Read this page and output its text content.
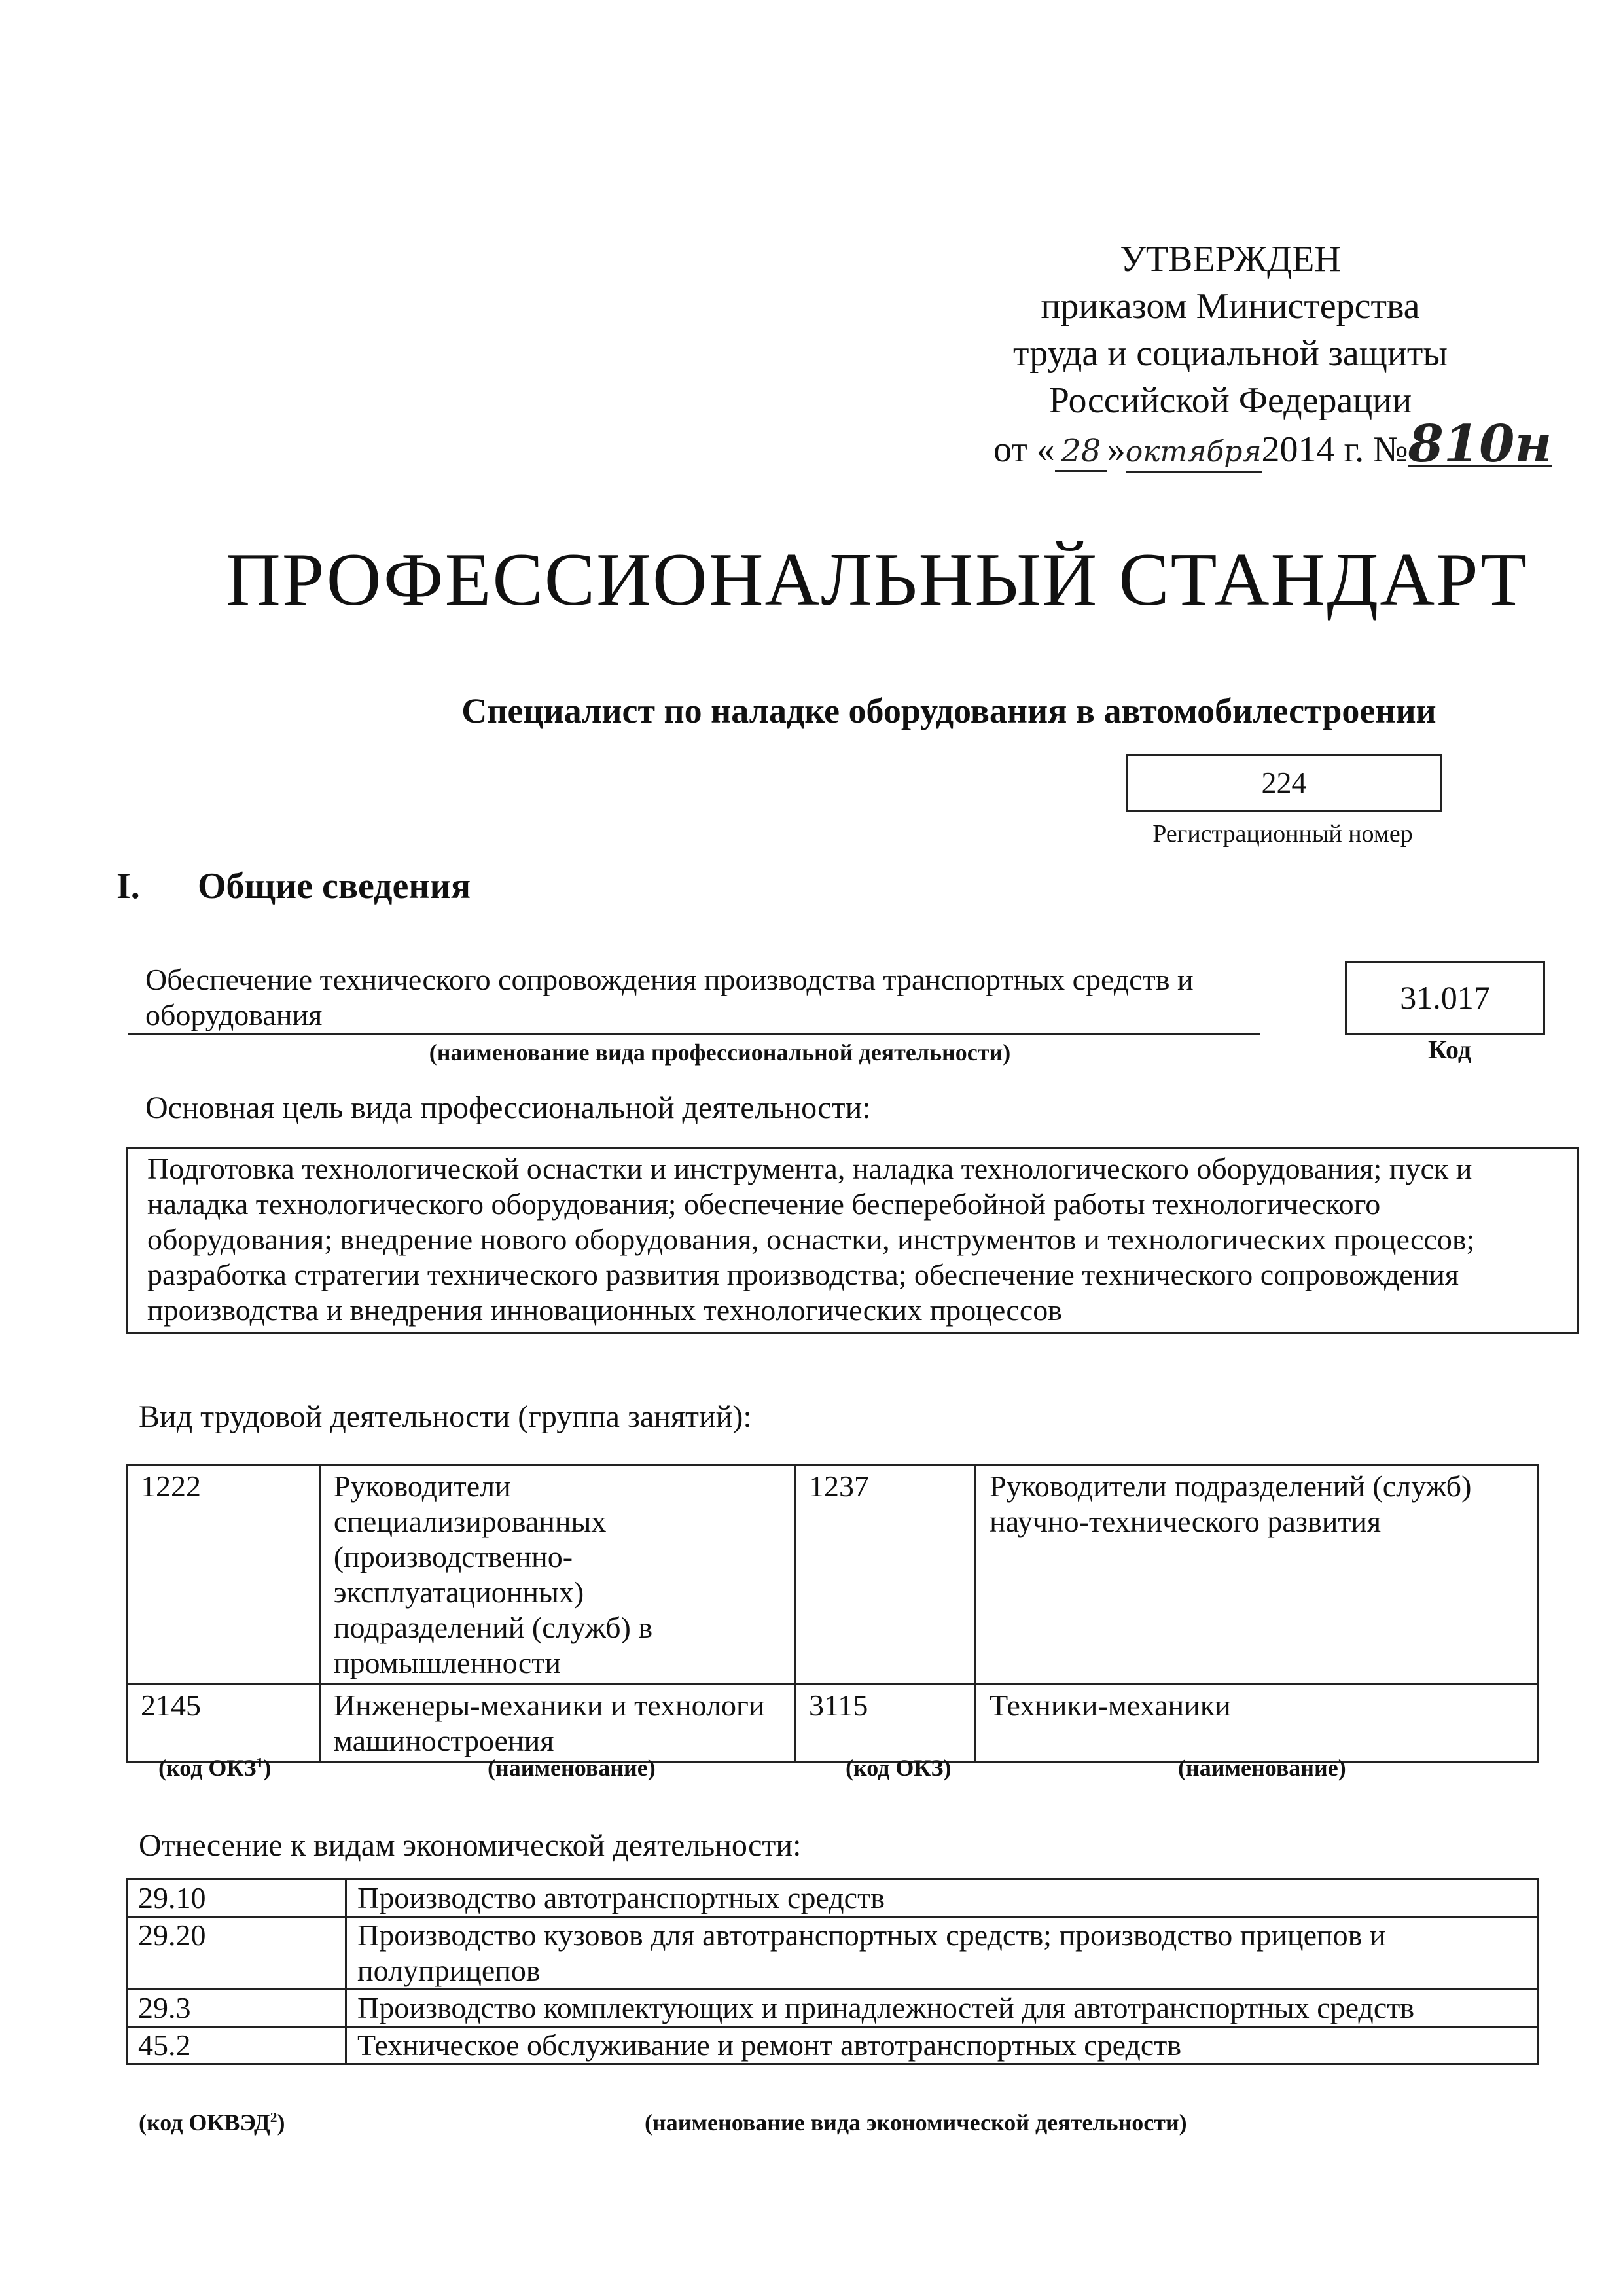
УТВЕРЖДЕН
приказом Министерства
труда и социальной защиты
Российской Федерации
от « 28 »октября2014 г. №810н
ПРОФЕССИОНАЛЬНЫЙ СТАНДАРТ
Специалист по наладке оборудования в автомобилестроении
224
Регистрационный номер
I. Общие сведения
Обеспечение технического сопровождения производства транспортных средств и оборудования
(наименование вида профессиональной деятельности)
31.017
Код
Основная цель вида профессиональной деятельности:
Подготовка технологической оснастки и инструмента, наладка технологического оборудования; пуск и наладка технологического оборудования; обеспечение бесперебойной работы технологического оборудования; внедрение нового оборудования, оснастки, инструментов и технологических процессов; разработка стратегии технического развития производства; обеспечение технического сопровождения производства и внедрения инновационных технологических процессов
Вид трудовой деятельности (группа занятий):
1222	Руководители специализированных (производственно-эксплуатационных) подразделений (служб) в промышленности	1237	Руководители подразделений (служб) научно-технического развития
2145	Инженеры-механики и технологи машиностроения	3115	Техники-механики
(код ОКЗ$^1$)	(наименование)	(код ОКЗ)	(наименование)
Отнесение к видам экономической деятельности:
29.10	Производство автотранспортных средств
29.20	Производство кузовов для автотранспортных средств; производство прицепов и полуприцепов
29.3	Производство комплектующих и принадлежностей для автотранспортных средств
45.2	Техническое обслуживание и ремонт автотранспортных средств
(код ОКВЭД$^2$)	(наименование вида экономической деятельности)
